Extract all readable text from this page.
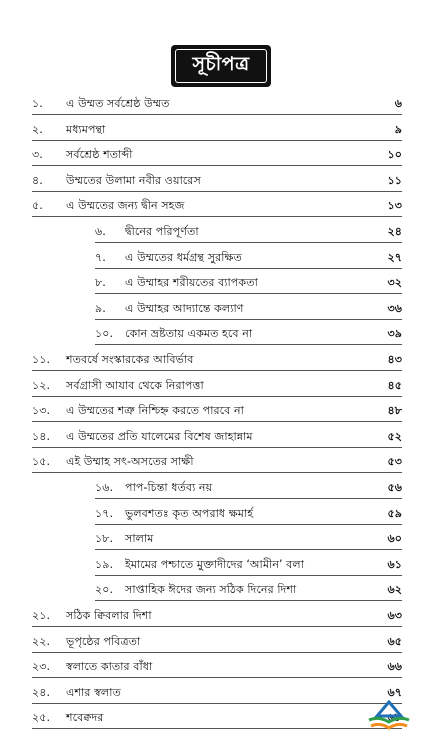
সূচীপত্র
১. এ উম্মত সর্বশ্রেষ্ঠ উম্মত	৬
২. মধ্যমপন্থা	৯
৩. সর্বশ্রেষ্ঠ শতাব্দী	১০
৪. উম্মতের উলামা নবীর ওয়ারেস	১১
৫. এ উম্মতের জন্য দ্বীন সহজ	১৩
৬. দ্বীনের পরিপূর্ণতা	২৪
৭. এ উম্মতের ধর্মগ্রন্থ সুরক্ষিত	২৭
৮. এ উম্মাহর শরীয়তের ব্যাপকতা	৩২
৯. এ উম্মাহর আদ্যান্তে কল্যাণ	৩৬
১০. কোন ভ্রষ্টতায় একমত হবে না	৩৯
১১. শতবর্ষে সংস্কারকের আবির্ভাব	৪৩
১২. সর্বগ্রাসী আযাব থেকে নিরাপত্তা	৪৫
১৩. এ উম্মতের শত্রু নিশ্চিহ্ন করতে পারবে না	৪৮
১৪. এ উম্মতের প্রতি যালেমের বিশেষ জাহান্নাম	৫২
১৫. এই উম্মাহ সৎ-অসতের সাক্ষী	৫৩
১৬. পাপ-চিন্তা ধর্তব্য নয়	৫৬
১৭. ভুলবশতঃ কৃত অপরাধ ক্ষমার্হ	৫৯
১৮. সালাম	৬০
১৯. ইমামের পশ্চাতে মুক্তাদীদের ‘আমীন’ বলা	৬১
২০. সাপ্তাহিক ঈদের জন্য সঠিক দিনের দিশা	৬২
২১. সঠিক ক্বিবলার দিশা	৬৩
২২. ভূপৃষ্ঠের পবিত্রতা	৬৫
২৩. স্বলাতে কাতার বাঁধা	৬৬
২৪. এশার স্বলাত	৬৭
২৫. শবেক্বদর	৬৮
